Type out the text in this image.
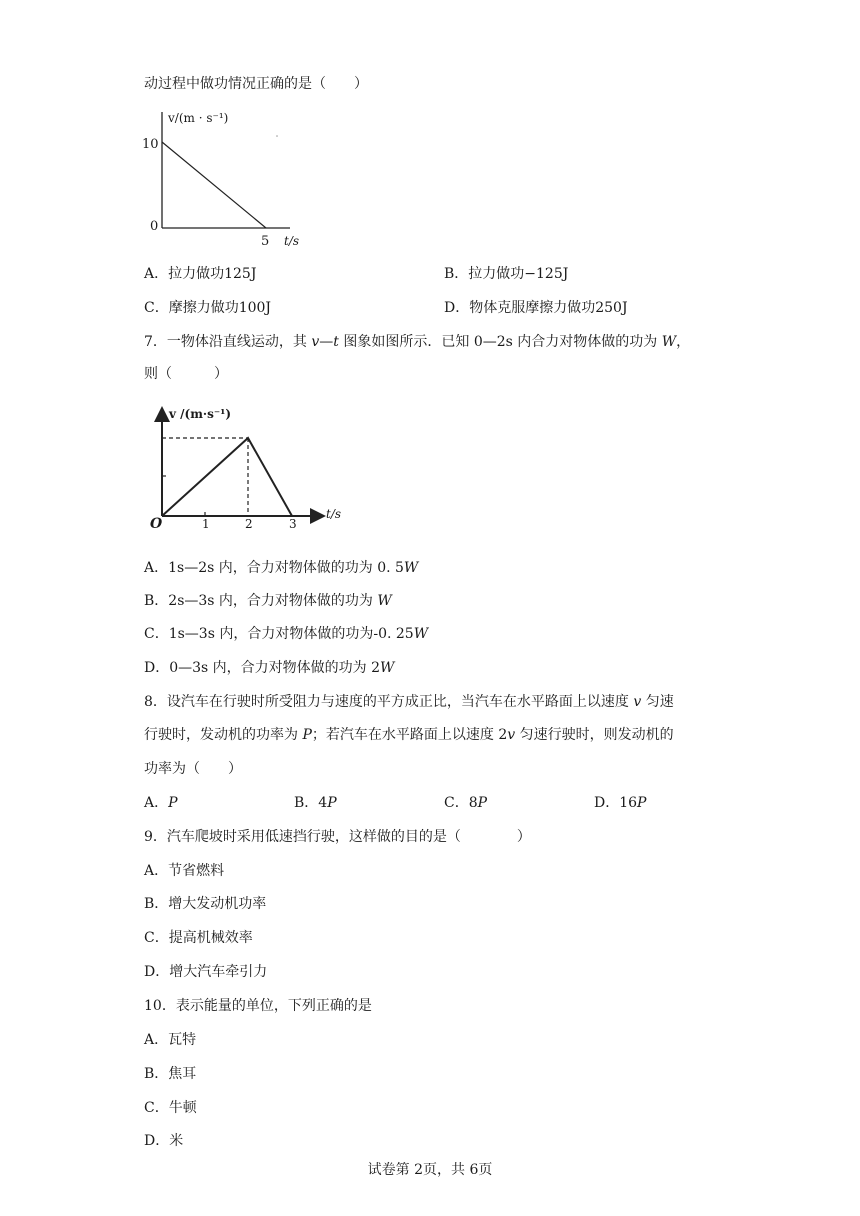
动过程中做功情况正确的是（　　）
v/(m · s⁻¹)
10
0
5 t/s
A．拉力做功125J	B．拉力做功−125J
C．摩擦力做功100J	D．物体克服摩擦力做功250J
7．一物体沿直线运动，其 v—t 图象如图所示．已知 0—2s 内合力对物体做的功为 W，
则（　　　）
v /(m·s⁻¹)
O	1	2	3
t/s
A．1s—2s 内，合力对物体做的功为 0. 5W
B．2s—3s 内，合力对物体做的功为 W
C．1s—3s 内，合力对物体做的功为-0. 25W
D．0—3s 内，合力对物体做的功为 2W
8．设汽车在行驶时所受阻力与速度的平方成正比，当汽车在水平路面上以速度 v 匀速
行驶时，发动机的功率为 P；若汽车在水平路面上以速度 2v 匀速行驶时，则发动机的
功率为（　　）
A．P	B．4P	C．8P	D．16P
9．汽车爬坡时采用低速挡行驶，这样做的目的是（　　　　）
A．节省燃料
B．增大发动机功率
C．提高机械效率
D．增大汽车牵引力
10．表示能量的单位，下列正确的是
A．瓦特
B．焦耳
C．牛顿
D．米
试卷第 2页，共 6页
